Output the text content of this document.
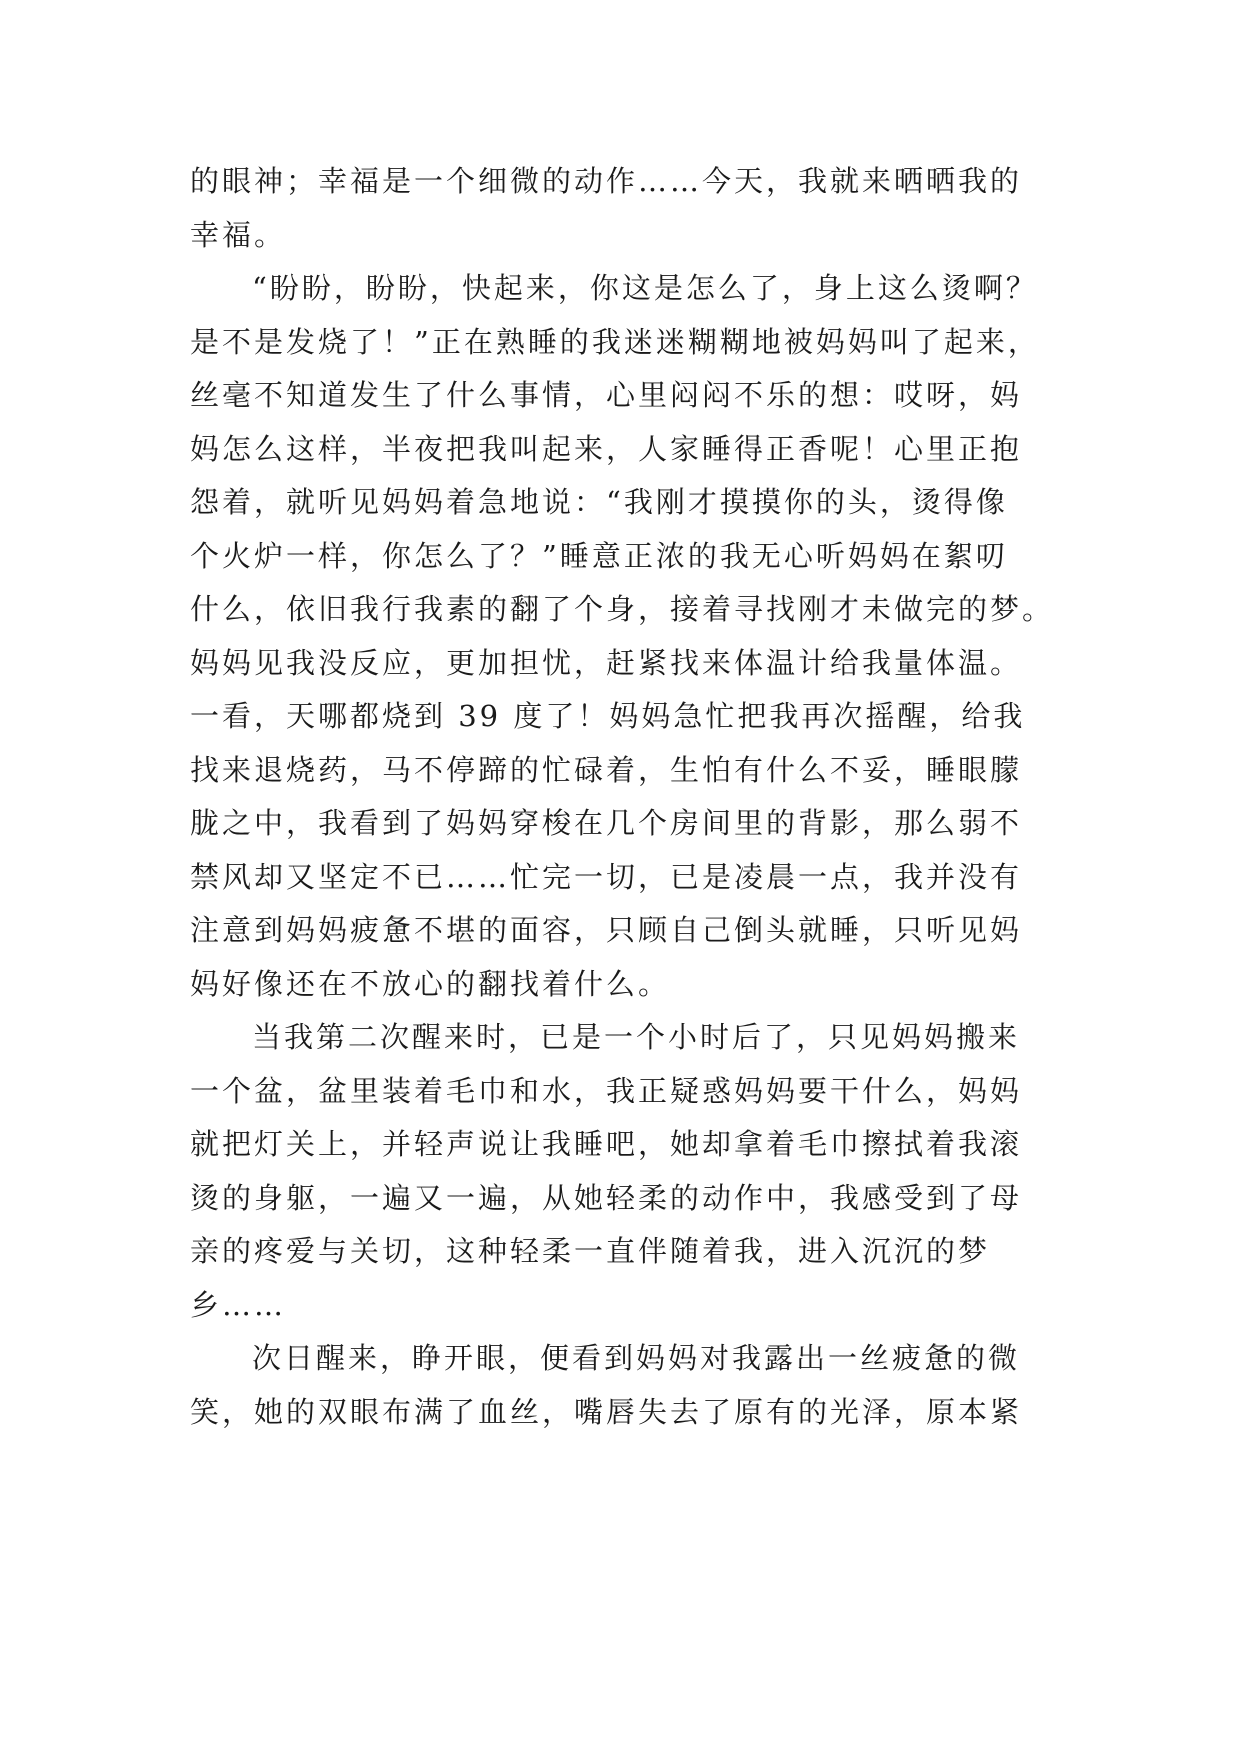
的眼神；幸福是一个细微的动作……今天，我就来晒晒我的
幸福。
“盼盼，盼盼，快起来，你这是怎么了，身上这么烫啊？
是不是发烧了！”正在熟睡的我迷迷糊糊地被妈妈叫了起来，
丝毫不知道发生了什么事情，心里闷闷不乐的想：哎呀，妈
妈怎么这样，半夜把我叫起来，人家睡得正香呢！心里正抱
怨着，就听见妈妈着急地说：“我刚才摸摸你的头，烫得像
个火炉一样，你怎么了？”睡意正浓的我无心听妈妈在絮叨
什么，依旧我行我素的翻了个身，接着寻找刚才未做完的梦。
妈妈见我没反应，更加担忧，赶紧找来体温计给我量体温。
一看，天哪都烧到 39 度了！妈妈急忙把我再次摇醒，给我
找来退烧药，马不停蹄的忙碌着，生怕有什么不妥，睡眼朦
胧之中，我看到了妈妈穿梭在几个房间里的背影，那么弱不
禁风却又坚定不已……忙完一切，已是凌晨一点，我并没有
注意到妈妈疲惫不堪的面容，只顾自己倒头就睡，只听见妈
妈好像还在不放心的翻找着什么。
当我第二次醒来时，已是一个小时后了，只见妈妈搬来
一个盆，盆里装着毛巾和水，我正疑惑妈妈要干什么，妈妈
就把灯关上，并轻声说让我睡吧，她却拿着毛巾擦拭着我滚
烫的身躯，一遍又一遍，从她轻柔的动作中，我感受到了母
亲的疼爱与关切，这种轻柔一直伴随着我，进入沉沉的梦
乡……
次日醒来，睁开眼，便看到妈妈对我露出一丝疲惫的微
笑，她的双眼布满了血丝，嘴唇失去了原有的光泽，原本紧
